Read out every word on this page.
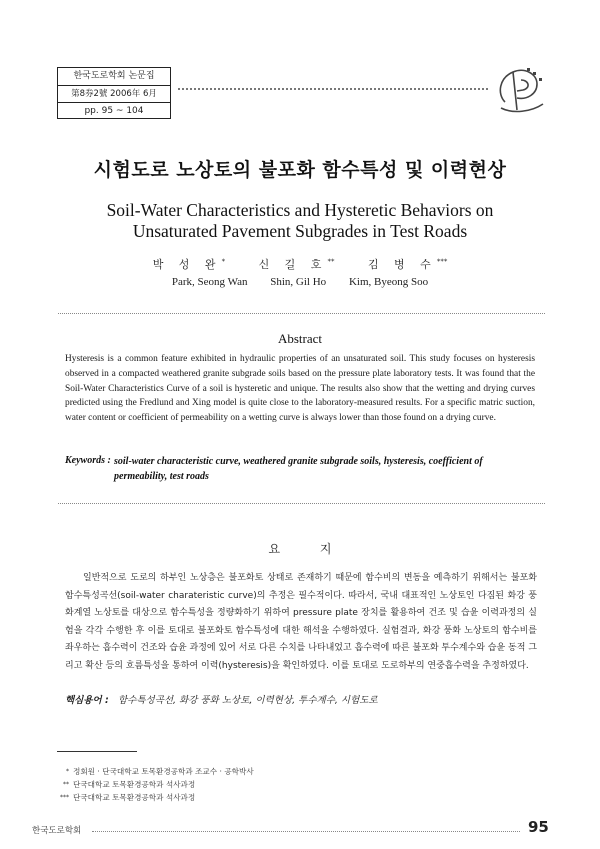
한국도로학회 논문집
第8券2號 2006年 6月
pp. 95 ~ 104
시험도로 노상토의 불포화 함수특성 및 이력현상
Soil-Water Characteristics and Hysteretic Behaviors on
Unsaturated Pavement Subgrades in Test Roads
박 성 완*	신 길 호**	김 병 수***
Park, Seong Wan Shin, Gil Ho Kim, Byeong Soo
Abstract
Hysteresis is a common feature exhibited in hydraulic properties of an unsaturated soil. This study focuses on hysteresis observed in a compacted weathered granite subgrade soils based on the pressure plate laboratory tests. It was found that the Soil-Water Characteristics Curve of a soil is hysteretic and unique. The results also show that the wetting and drying curves predicted using the Fredlund and Xing model is quite close to the laboratory-measured results. For a specific matric suction, water content or coefficient of permeability on a wetting curve is always lower than those found on a drying curve.
Keywords : soil-water characteristic curve, weathered granite subgrade soils, hysteresis, coefficient of permeability, test roads
요 지
일반적으로 도로의 하부인 노상층은 불포화토 상태로 존재하기 때문에 함수비의 변동을 예측하기 위해서는 불포화 함수특성곡선(soil-water charateristic curve)의 추정은 필수적이다. 따라서, 국내 대표적인 노상토인 다짐된 화강 풍화계열 노상토를 대상으로 함수특성을 정량화하기 위하여 pressure plate 장치를 활용하여 건조 및 습윤 이력과정의 실험을 각각 수행한 후 이를 토대로 불포화토 함수특성에 대한 해석을 수행하였다. 실험결과, 화강 풍화 노상토의 함수비를 좌우하는 흡수력이 건조와 습윤 과정에 있어 서로 다른 수치를 나타내었고 흡수력에 따른 불포화 투수계수와 습윤 동적 그리고 확산 등의 흐름특성을 통하여 이력(hysteresis)을 확인하였다. 이를 토대로 도로하부의 연중흡수력을 추정하였다.
핵심용어 : 함수특성곡선, 화강 풍화 노상토, 이력현상, 투수계수, 시험도로
* 정회원 · 단국대학교 토목환경공학과 조교수 · 공학박사
** 단국대학교 토목환경공학과 석사과정
*** 단국대학교 토목환경공학과 석사과정
한국도로학회	95
